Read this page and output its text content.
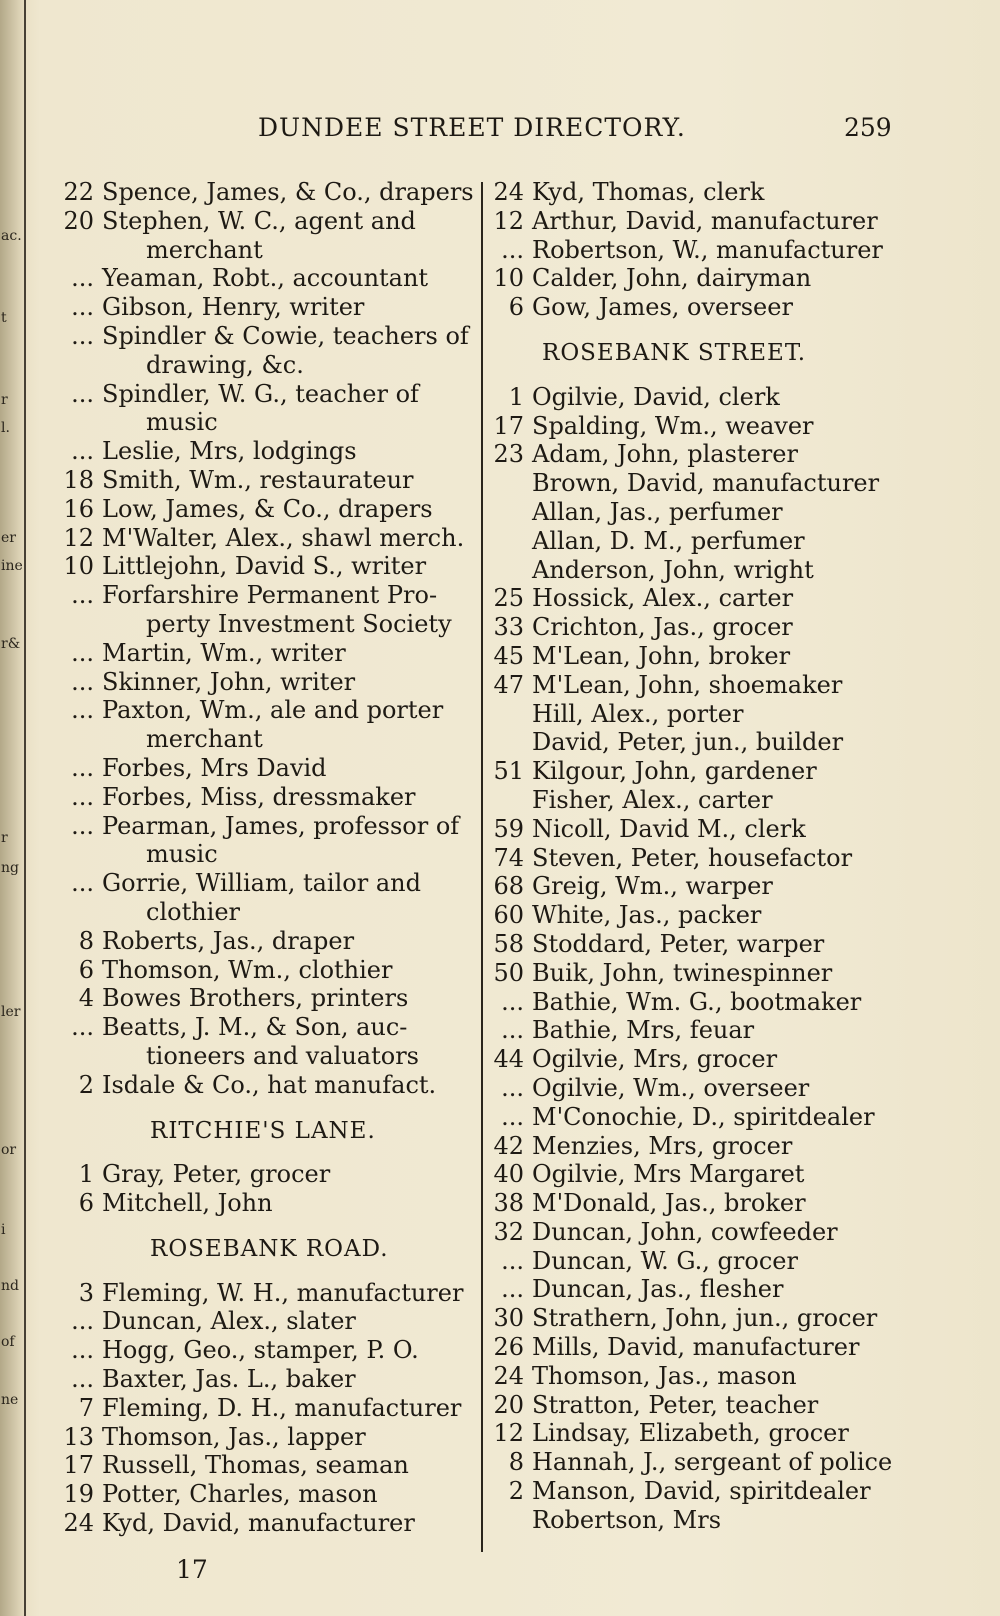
ac.
t
r
l.
er
ine
r&
r
ng
ler
or
i
nd
of
ne
DUNDEE STREET DIRECTORY.	259
22 Spence, James, & Co., drapers
20 Stephen, W. C., agent and
merchant
... Yeaman, Robt., accountant
... Gibson, Henry, writer
... Spindler & Cowie, teachers of
drawing, &c.
... Spindler, W. G., teacher of
music
... Leslie, Mrs, lodgings
18 Smith, Wm., restaurateur
16 Low, James, & Co., drapers
12 M'Walter, Alex., shawl merch.
10 Littlejohn, David S., writer
... Forfarshire Permanent Pro-
perty Investment Society
... Martin, Wm., writer
... Skinner, John, writer
... Paxton, Wm., ale and porter
merchant
... Forbes, Mrs David
... Forbes, Miss, dressmaker
... Pearman, James, professor of
music
... Gorrie, William, tailor and
clothier
8 Roberts, Jas., draper
6 Thomson, Wm., clothier
4 Bowes Brothers, printers
... Beatts, J. M., & Son, auc-
tioneers and valuators
2 Isdale & Co., hat manufact.
RITCHIE'S LANE.
1 Gray, Peter, grocer
6 Mitchell, John
ROSEBANK ROAD.
3 Fleming, W. H., manufacturer
... Duncan, Alex., slater
... Hogg, Geo., stamper, P. O.
... Baxter, Jas. L., baker
7 Fleming, D. H., manufacturer
13 Thomson, Jas., lapper
17 Russell, Thomas, seaman
19 Potter, Charles, mason
24 Kyd, David, manufacturer
24 Kyd, Thomas, clerk
12 Arthur, David, manufacturer
... Robertson, W., manufacturer
10 Calder, John, dairyman
6 Gow, James, overseer
ROSEBANK STREET.
1 Ogilvie, David, clerk
17 Spalding, Wm., weaver
23 Adam, John, plasterer
Brown, David, manufacturer
Allan, Jas., perfumer
Allan, D. M., perfumer
Anderson, John, wright
25 Hossick, Alex., carter
33 Crichton, Jas., grocer
45 M'Lean, John, broker
47 M'Lean, John, shoemaker
Hill, Alex., porter
David, Peter, jun., builder
51 Kilgour, John, gardener
Fisher, Alex., carter
59 Nicoll, David M., clerk
74 Steven, Peter, housefactor
68 Greig, Wm., warper
60 White, Jas., packer
58 Stoddard, Peter, warper
50 Buik, John, twinespinner
... Bathie, Wm. G., bootmaker
... Bathie, Mrs, feuar
44 Ogilvie, Mrs, grocer
... Ogilvie, Wm., overseer
... M'Conochie, D., spiritdealer
42 Menzies, Mrs, grocer
40 Ogilvie, Mrs Margaret
38 M'Donald, Jas., broker
32 Duncan, John, cowfeeder
... Duncan, W. G., grocer
... Duncan, Jas., flesher
30 Strathern, John, jun., grocer
26 Mills, David, manufacturer
24 Thomson, Jas., mason
20 Stratton, Peter, teacher
12 Lindsay, Elizabeth, grocer
8 Hannah, J., sergeant of police
2 Manson, David, spiritdealer
Robertson, Mrs
17
